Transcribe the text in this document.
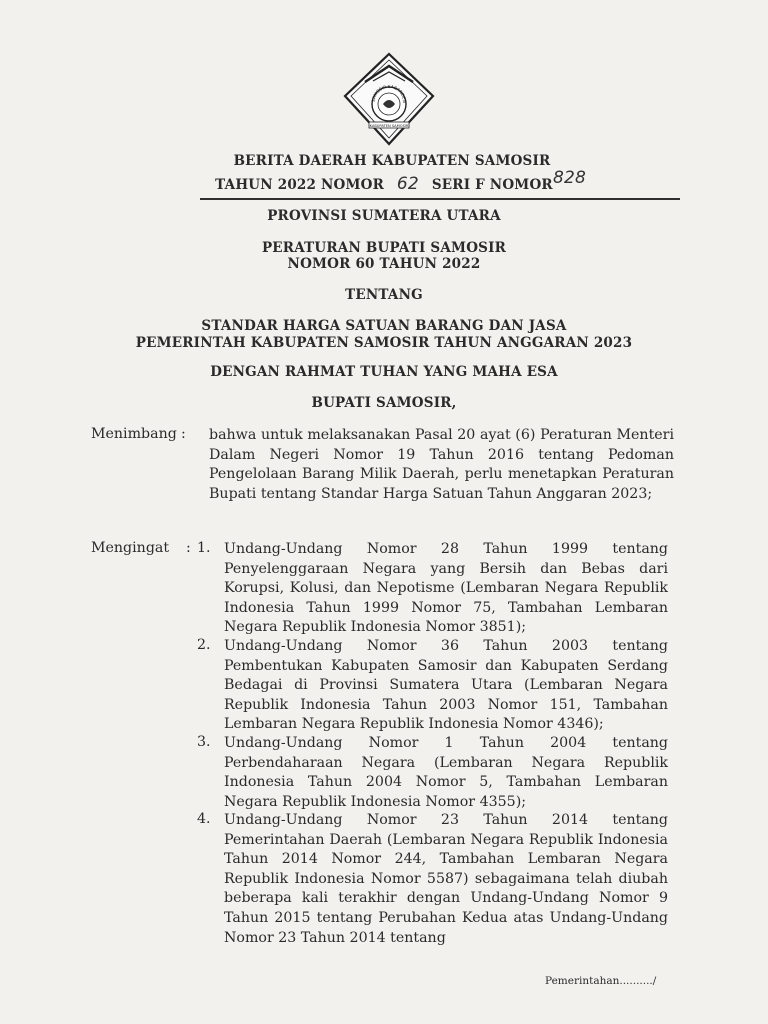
SAMOSIR SAGANDEN
KABUPATEN SAMOSIR
BERITA DAERAH KABUPATEN SAMOSIR
TAHUN 2022 NOMOR 62 SERI F NOMOR 828
PROVINSI SUMATERA UTARA
PERATURAN BUPATI SAMOSIR
NOMOR 60 TAHUN 2022
TENTANG
STANDAR HARGA SATUAN BARANG DAN JASA
PEMERINTAH KABUPATEN SAMOSIR TAHUN ANGGARAN 2023
DENGAN RAHMAT TUHAN YANG MAHA ESA
BUPATI SAMOSIR,
Menimbang : bahwa untuk melaksanakan Pasal 20 ayat (6) Peraturan Menteri Dalam Negeri Nomor 19 Tahun 2016 tentang Pedoman Pengelolaan Barang Milik Daerah, perlu menetapkan Peraturan Bupati tentang Standar Harga Satuan Tahun Anggaran 2023;
Mengingat : 1. Undang-Undang Nomor 28 Tahun 1999 tentang Penyelenggaraan Negara yang Bersih dan Bebas dari Korupsi, Kolusi, dan Nepotisme (Lembaran Negara Republik Indonesia Tahun 1999 Nomor 75, Tambahan Lembaran Negara Republik Indonesia Nomor 3851);
2. Undang-Undang Nomor 36 Tahun 2003 tentang Pembentukan Kabupaten Samosir dan Kabupaten Serdang Bedagai di Provinsi Sumatera Utara (Lembaran Negara Republik Indonesia Tahun 2003 Nomor 151, Tambahan Lembaran Negara Republik Indonesia Nomor 4346);
3. Undang-Undang Nomor 1 Tahun 2004 tentang Perbendaharaan Negara (Lembaran Negara Republik Indonesia Tahun 2004 Nomor 5, Tambahan Lembaran Negara Republik Indonesia Nomor 4355);
4. Undang-Undang Nomor 23 Tahun 2014 tentang Pemerintahan Daerah (Lembaran Negara Republik Indonesia Tahun 2014 Nomor 244, Tambahan Lembaran Negara Republik Indonesia Nomor 5587) sebagaimana telah diubah beberapa kali terakhir dengan Undang-Undang Nomor 9 Tahun 2015 tentang Perubahan Kedua atas Undang-Undang Nomor 23 Tahun 2014 tentang
Pemerintahan........../
